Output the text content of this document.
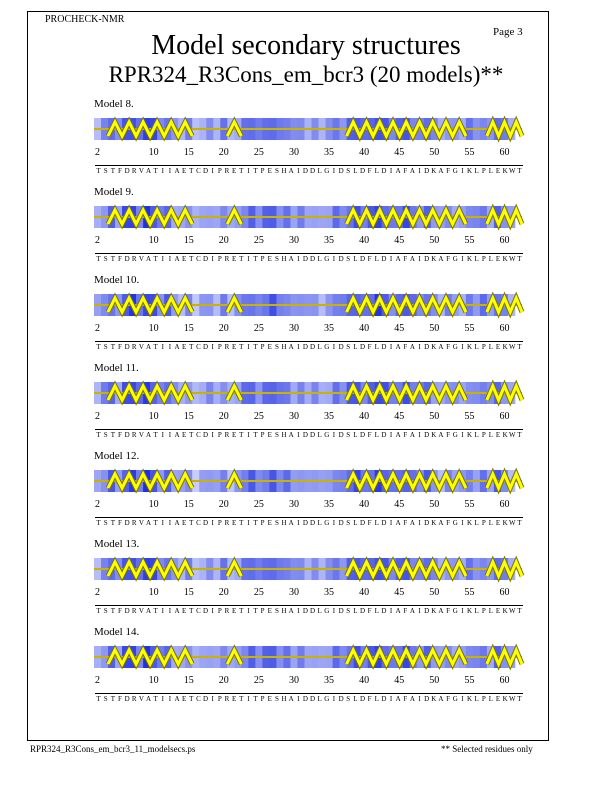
PROCHECK-NMR
Page 3
Model secondary structures
RPR324_R3Cons_em_bcr3 (20 models)**
Model 8.
2	10	15	20	25	30	35	40	45	50	55	60
T S T F D R V A T I I A E T C D I P R E T I T P E S H A I D D L G I D S L D F L D I A F A I D K A F G I K L P L E K W T
Model 9.
2	10	15	20	25	30	35	40	45	50	55	60
T S T F D R V A T I I A E T C D I P R E T I T P E S H A I D D L G I D S L D F L D I A F A I D K A F G I K L P L E K W T
Model 10.
2	10	15	20	25	30	35	40	45	50	55	60
T S T F D R V A T I I A E T C D I P R E T I T P E S H A I D D L G I D S L D F L D I A F A I D K A F G I K L P L E K W T
Model 11.
2	10	15	20	25	30	35	40	45	50	55	60
T S T F D R V A T I I A E T C D I P R E T I T P E S H A I D D L G I D S L D F L D I A F A I D K A F G I K L P L E K W T
Model 12.
2	10	15	20	25	30	35	40	45	50	55	60
T S T F D R V A T I I A E T C D I P R E T I T P E S H A I D D L G I D S L D F L D I A F A I D K A F G I K L P L E K W T
Model 13.
2	10	15	20	25	30	35	40	45	50	55	60
T S T F D R V A T I I A E T C D I P R E T I T P E S H A I D D L G I D S L D F L D I A F A I D K A F G I K L P L E K W T
Model 14.
2	10	15	20	25	30	35	40	45	50	55	60
T S T F D R V A T I I A E T C D I P R E T I T P E S H A I D D L G I D S L D F L D I A F A I D K A F G I K L P L E K W T
RPR324_R3Cons_em_bcr3_11_modelsecs.ps	** Selected residues only
